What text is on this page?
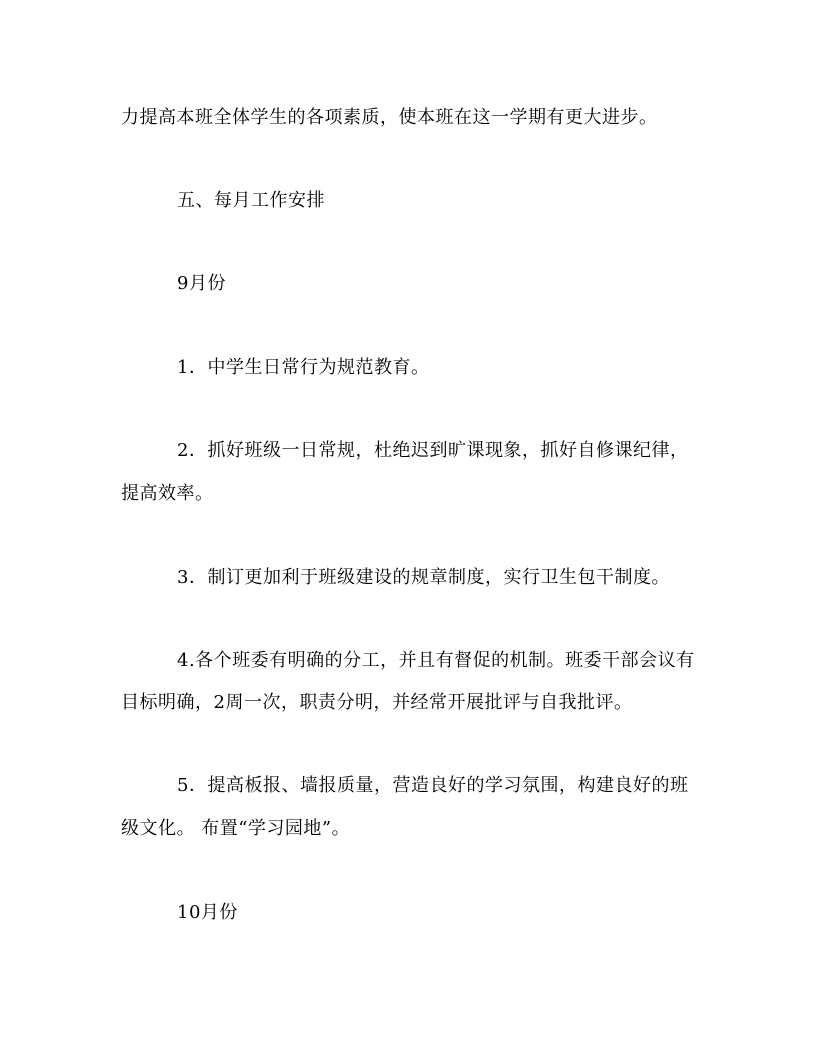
力提高本班全体学生的各项素质，使本班在这一学期有更大进步。
五、每月工作安排
9月份
1．中学生日常行为规范教育。
2．抓好班级一日常规，杜绝迟到旷课现象，抓好自修课纪律，
提高效率。
3．制订更加利于班级建设的规章制度，实行卫生包干制度。
4.各个班委有明确的分工，并且有督促的机制。班委干部会议有
目标明确，2周一次，职责分明，并经常开展批评与自我批评。
5．提高板报、墙报质量，营造良好的学习氛围，构建良好的班
级文化。 布置“学习园地”。
10月份
